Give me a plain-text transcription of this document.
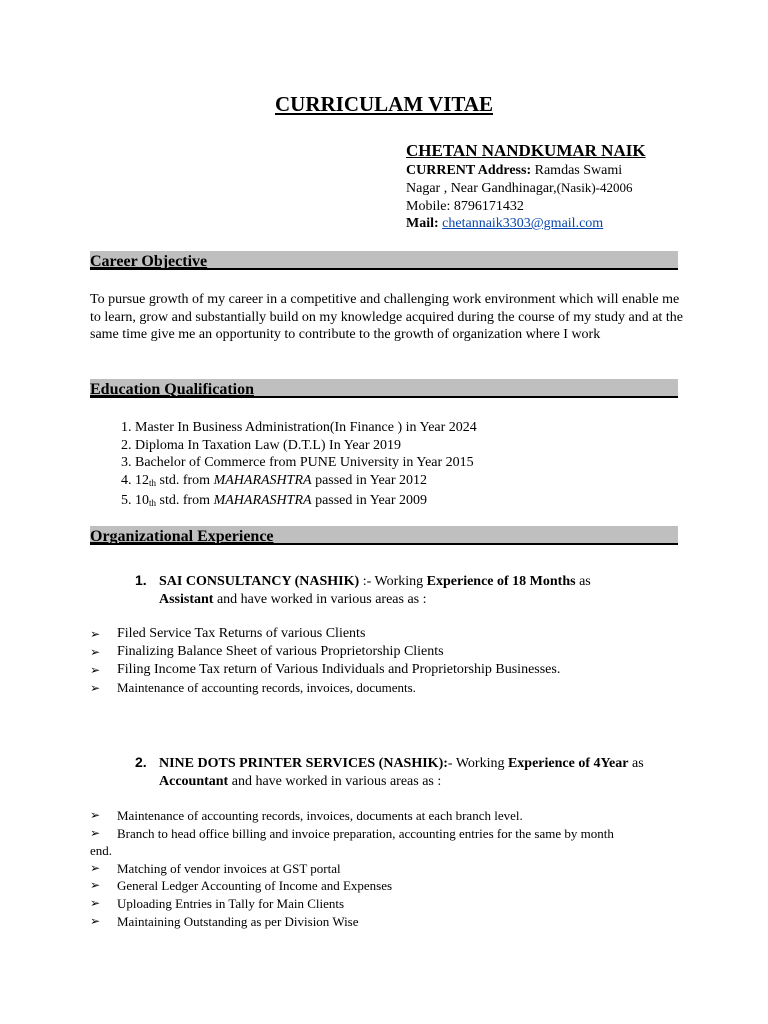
CURRICULAM VITAE
CHETAN NANDKUMAR NAIK
CURRENT Address: Ramdas Swami
Nagar , Near Gandhinagar,(Nasik)-42006
Mobile: 8796171432
Mail: chetannaik3303@gmail.com
Career Objective
To pursue growth of my career in a competitive and challenging work environment which will enable me to learn, grow and substantially build on my knowledge acquired during the course of my study and at the same time give me an opportunity to contribute to the growth of organization where I work
Education Qualification
1. Master In Business Administration(In Finance ) in Year 2024
2. Diploma In Taxation Law (D.T.L) In Year 2019
3. Bachelor of Commerce from PUNE University in Year 2015
4. $12_{th}$ std. from MAHARASHTRA passed in Year 2012
5. $10_{th}$ std. from MAHARASHTRA passed in Year 2009
Organizational Experience
1. SAI CONSULTANCY (NASHIK) :- Working Experience of 18 Months as
Assistant and have worked in various areas as :
➢ Filed Service Tax Returns of various Clients
➢ Finalizing Balance Sheet of various Proprietorship Clients
➢ Filing Income Tax return of Various Individuals and Proprietorship Businesses.
➢ Maintenance of accounting records, invoices, documents.
2. NINE DOTS PRINTER SERVICES (NASHIK):- Working Experience of 4Year as
Accountant and have worked in various areas as :
➢ Maintenance of accounting records, invoices, documents at each branch level.
➢ Branch to head office billing and invoice preparation, accounting entries for the same by month
end.
➢ Matching of vendor invoices at GST portal
➢ General Ledger Accounting of Income and Expenses
➢ Uploading Entries in Tally for Main Clients
➢ Maintaining Outstanding as per Division Wise
